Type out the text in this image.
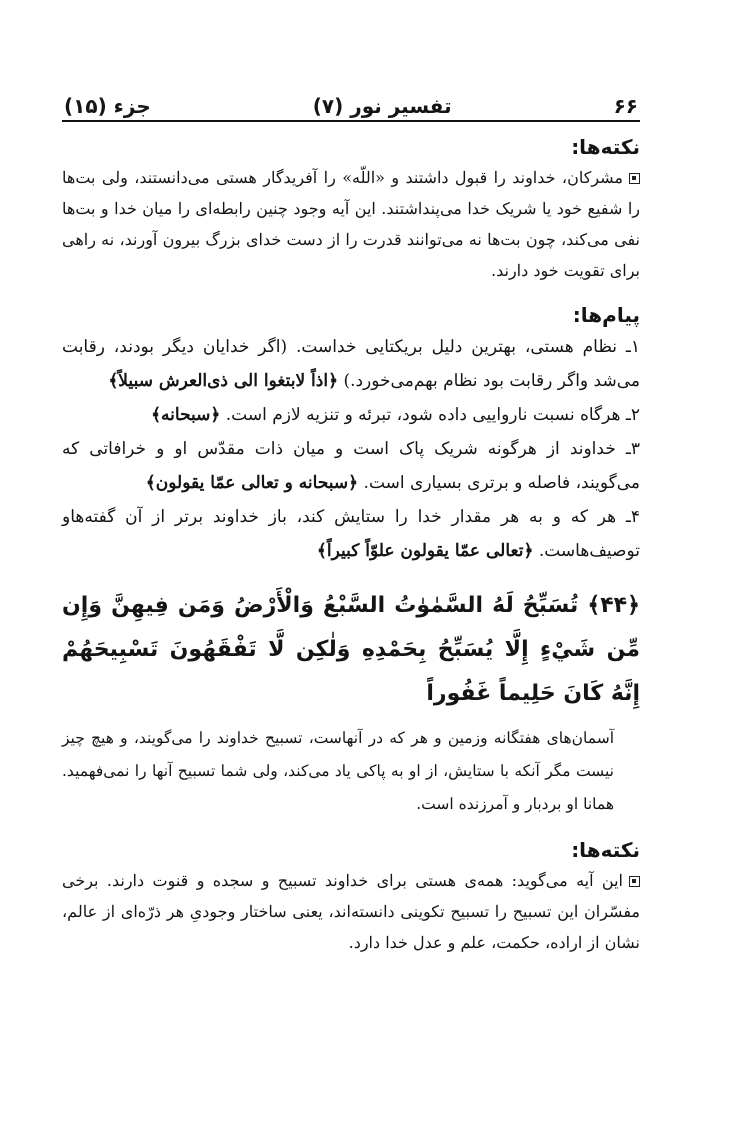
۶۶
تفسیر نور (۷)
جزء (۱۵)
نکته‌ها:

مشرکان، خداوند را قبول داشتند و «اللّه» را آفریدگار هستی می‌دانستند، ولی بت‌ها را شفیع خود یا شریک خدا می‌پنداشتند. این آیه وجود چنین رابطه‌ای را میان خدا و بت‌ها نفی می‌کند، چون بت‌ها نه می‌توانند قدرت را از دست خدای بزرگ بیرون آورند، نه راهی برای تقویت خود دارند.

پیام‌ها:

۱ـ نظام هستی، بهترین دلیل بریکتایی خداست. (اگر خدایان دیگر بودند، رقابت می‌شد واگر رقابت بود نظام بهم‌می‌خورد.) ﴿اذاً لابتغوا الی ذی‌العرش سبیلاً﴾

۲ـ هرگاه نسبت نارواییی داده شود، تبرئه و تنزیه لازم است. ﴿سبحانه﴾

۳ـ خداوند از هرگونه شریک پاک است و میان ذات مقدّس او و خرافاتی که می‌گویند، فاصله و برتری بسیاری است. ﴿سبحانه و تعالی عمّا یقولون﴾

۴ـ هر که و به هر مقدار خدا را ستایش کند، باز خداوند برتر از آن گفته‌هاو توصیف‌هاست. ﴿تعالی عمّا یقولون علوّاً کبیراً﴾

﴿۴۴﴾ تُسَبِّحُ لَهُ السَّمٰوٰتُ السَّبْعُ وَالْأَرْضُ وَمَن فِيهِنَّ وَإِن مِّن شَيْءٍ إِلَّا يُسَبِّحُ بِحَمْدِهِ وَلٰكِن لَّا تَفْقَهُونَ تَسْبِيحَهُمْ إِنَّهُ كَانَ حَلِيماً غَفُوراً

آسمان‌های هفتگانه وزمین و هر که در آنهاست، تسبیح خداوند را می‌گویند، و هیچ چیز نیست مگر آنکه با ستایش، از او به پاکی یاد می‌کند، ولی شما تسبیح آنها را نمی‌فهمید. همانا او بردبار و آمرزنده است.

نکته‌ها:

این آیه می‌گوید: همه‌ی هستی برای خداوند تسبیح و سجده و قنوت دارند. برخی مفسّران این تسبیح را تسبیح تکوینی دانسته‌اند، یعنی ساختار وجودیِ هر ذرّه‌ای از عالم، نشان از اراده، حکمت، علم و عدل خدا دارد.
